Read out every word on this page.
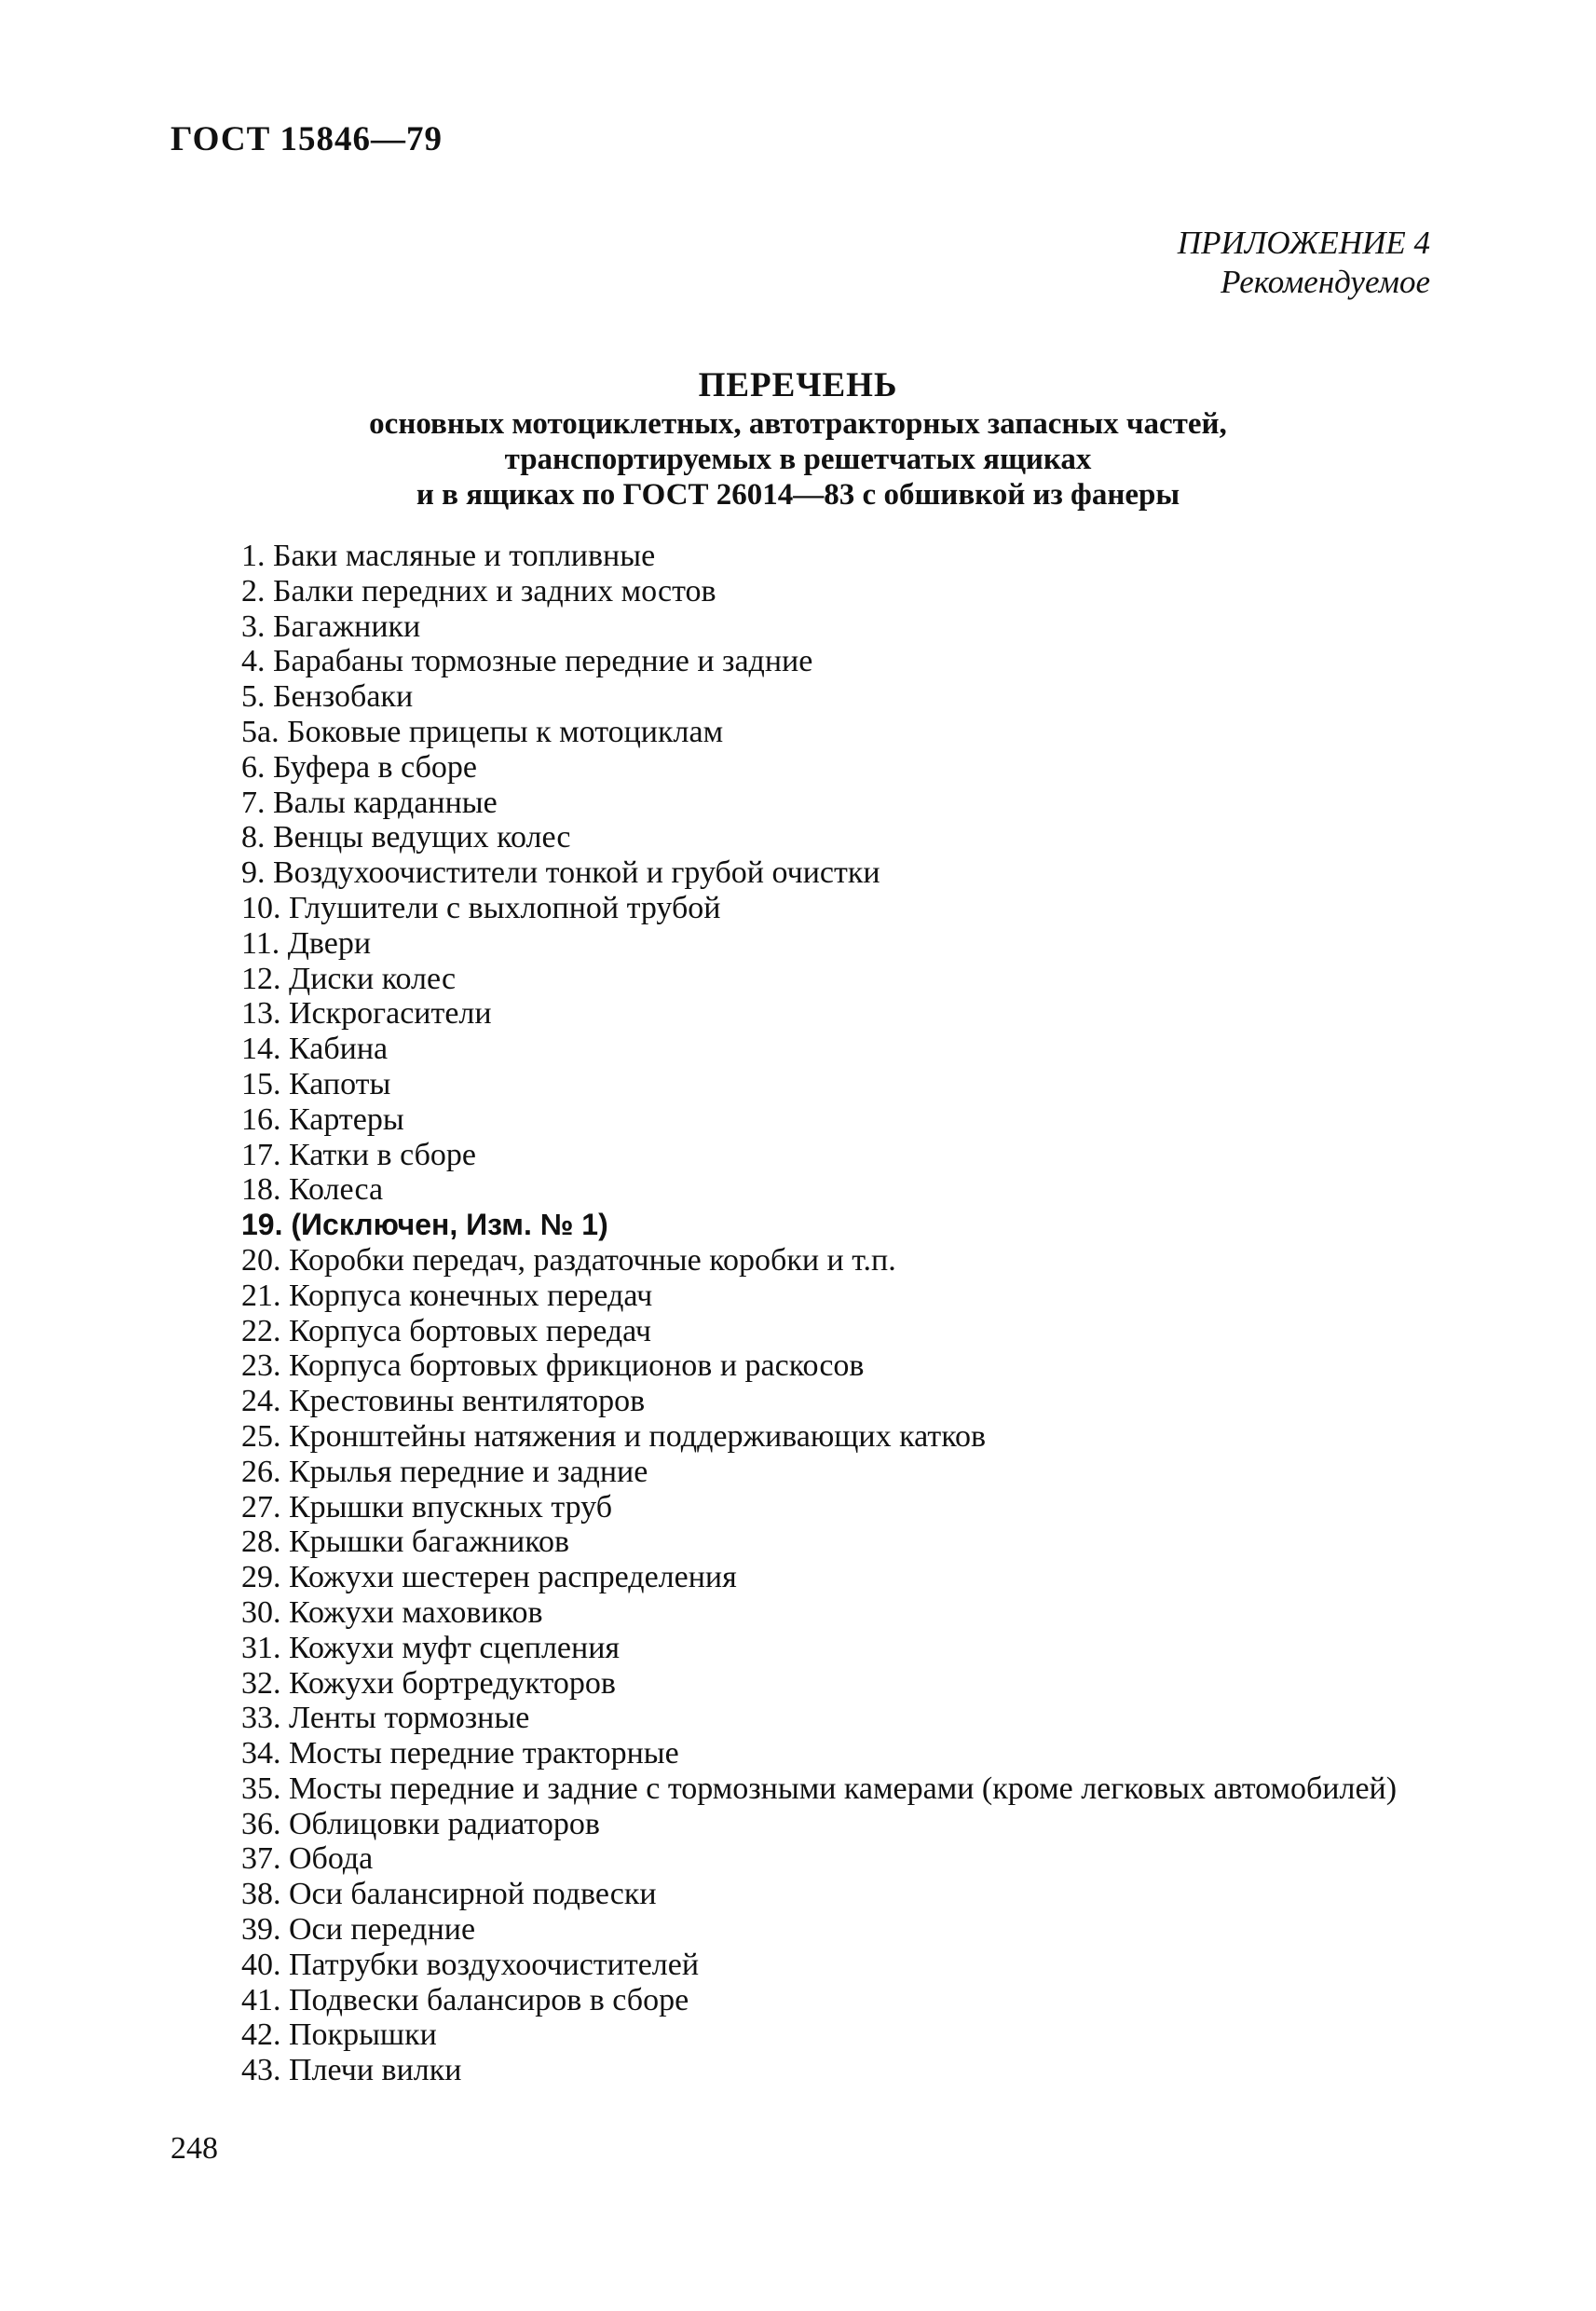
ГОСТ 15846—79
ПРИЛОЖЕНИЕ 4
Рекомендуемое
ПЕРЕЧЕНЬ
основных мотоциклетных, автотракторных запасных частей,
транспортируемых в решетчатых ящиках
и в ящиках по ГОСТ 26014—83 с обшивкой из фанеры
1. Баки масляные и топливные
2. Балки передних и задних мостов
3. Багажники
4. Барабаны тормозные передние и задние
5. Бензобаки
5а. Боковые прицепы к мотоциклам
6. Буфера в сборе
7. Валы карданные
8. Венцы ведущих колес
9. Воздухоочистители тонкой и грубой очистки
10. Глушители с выхлопной трубой
11. Двери
12. Диски колес
13. Искрогасители
14. Кабина
15. Капоты
16. Картеры
17. Катки в сборе
18. Колеса
19. (Исключен, Изм. № 1)
20. Коробки передач, раздаточные коробки и т.п.
21. Корпуса конечных передач
22. Корпуса бортовых передач
23. Корпуса бортовых фрикционов и раскосов
24. Крестовины вентиляторов
25. Кронштейны натяжения и поддерживающих катков
26. Крылья передние и задние
27. Крышки впускных труб
28. Крышки багажников
29. Кожухи шестерен распределения
30. Кожухи маховиков
31. Кожухи муфт сцепления
32. Кожухи бортредукторов
33. Ленты тормозные
34. Мосты передние тракторные
35. Мосты передние и задние с тормозными камерами (кроме легковых автомобилей)
36. Облицовки радиаторов
37. Обода
38. Оси балансирной подвески
39. Оси передние
40. Патрубки воздухоочистителей
41. Подвески балансиров в сборе
42. Покрышки
43. Плечи вилки
248
